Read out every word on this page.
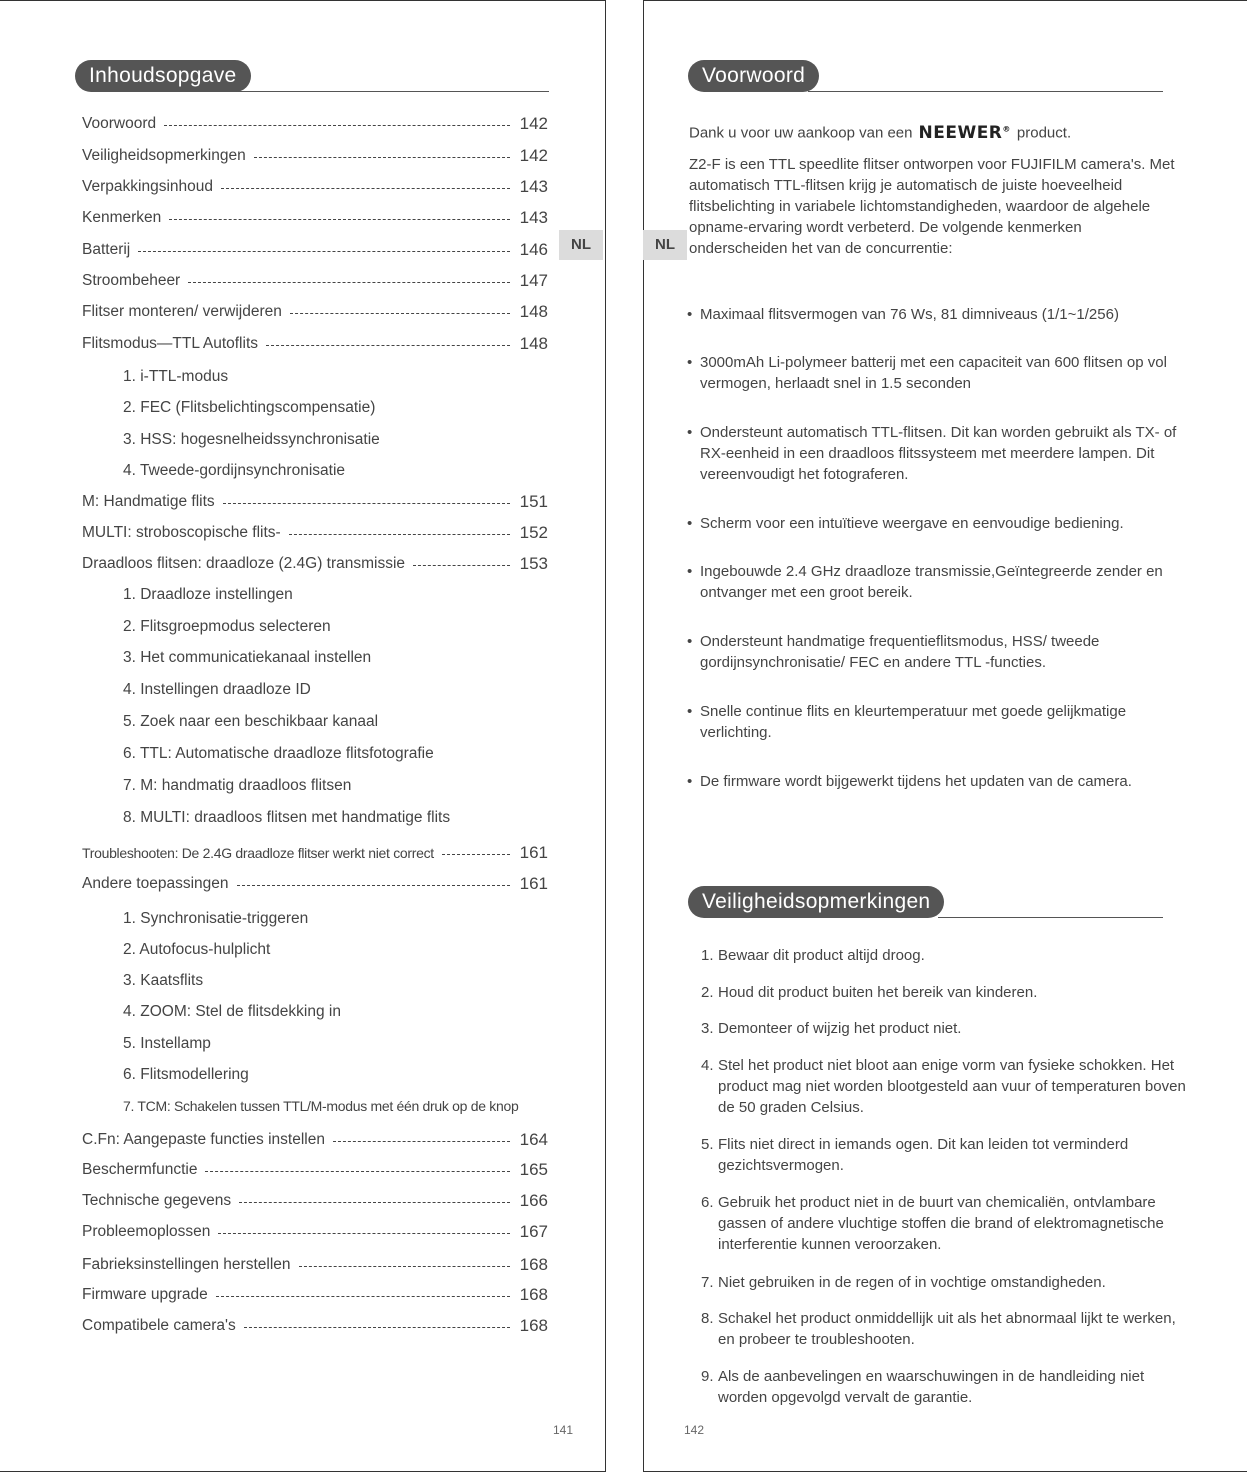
Inhoudsopgave
Voorwoord	142
Veiligheidsopmerkingen	142
Verpakkingsinhoud	143
Kenmerken	143
Batterij	146
Stroombeheer	147
Flitser monteren/ verwijderen	148
Flitsmodus—TTL Autoflits	148
1. i-TTL-modus
2. FEC (Flitsbelichtingscompensatie)
3. HSS: hogesnelheidssynchronisatie
4. Tweede-gordijnsynchronisatie
M: Handmatige flits	151
MULTI: stroboscopische flits-	152
Draadloos flitsen: draadloze (2.4G) transmissie	153
1. Draadloze instellingen
2. Flitsgroepmodus selecteren
3. Het communicatiekanaal instellen
4. Instellingen draadloze ID
5. Zoek naar een beschikbaar kanaal
6. TTL: Automatische draadloze flitsfotografie
7. M: handmatig draadloos flitsen
8. MULTI: draadloos flitsen met handmatige flits
Troubleshooten: De 2.4G draadloze flitser werkt niet correct	161
Andere toepassingen	161
1. Synchronisatie-triggeren
2. Autofocus-hulplicht
3. Kaatsflits
4. ZOOM: Stel de flitsdekking in
5. Instellamp
6. Flitsmodellering
7. TCM: Schakelen tussen TTL/M-modus met één druk op de knop
C.Fn: Aangepaste functies instellen	164
Beschermfunctie	165
Technische gegevens	166
Probleemoplossen	167
Fabrieksinstellingen herstellen	168
Firmware upgrade	168
Compatibele camera's	168
NL
141
NL
Voorwoord
Dank u voor uw aankoop van een NEEWER® product.
Z2-F is een TTL speedlite flitser ontworpen voor FUJIFILM camera's. Met automatisch TTL-flitsen krijg je automatisch de juiste hoeveelheid flitsbelichting in variabele lichtomstandigheden, waardoor de algehele opname-ervaring wordt verbeterd. De volgende kenmerken onderscheiden het van de concurrentie:
• Maximaal flitsvermogen van 76 Ws, 81 dimniveaus (1/1~1/256)
• 3000mAh Li-polymeer batterij met een capaciteit van 600 flitsen op vol vermogen, herlaadt snel in 1.5 seconden
• Ondersteunt automatisch TTL-flitsen. Dit kan worden gebruikt als TX- of RX-eenheid in een draadloos flitssysteem met meerdere lampen. Dit vereenvoudigt het fotograferen.
• Scherm voor een intuïtieve weergave en eenvoudige bediening.
• Ingebouwde 2.4 GHz draadloze transmissie,Geïntegreerde zender en ontvanger met een groot bereik.
• Ondersteunt handmatige frequentieflitsmodus, HSS/ tweede gordijnsynchronisatie/ FEC en andere TTL -functies.
• Snelle continue flits en kleurtemperatuur met goede gelijkmatige verlichting.
• De firmware wordt bijgewerkt tijdens het updaten van de camera.
Veiligheidsopmerkingen
1. Bewaar dit product altijd droog.
2. Houd dit product buiten het bereik van kinderen.
3. Demonteer of wijzig het product niet.
4. Stel het product niet bloot aan enige vorm van fysieke schokken. Het product mag niet worden blootgesteld aan vuur of temperaturen boven de 50 graden Celsius.
5. Flits niet direct in iemands ogen. Dit kan leiden tot verminderd gezichtsvermogen.
6. Gebruik het product niet in de buurt van chemicaliën, ontvlambare gassen of andere vluchtige stoffen die brand of elektromagnetische interferentie kunnen veroorzaken.
7. Niet gebruiken in de regen of in vochtige omstandigheden.
8. Schakel het product onmiddellijk uit als het abnormaal lijkt te werken, en probeer te troubleshooten.
9. Als de aanbevelingen en waarschuwingen in de handleiding niet worden opgevolgd vervalt de garantie.
142
